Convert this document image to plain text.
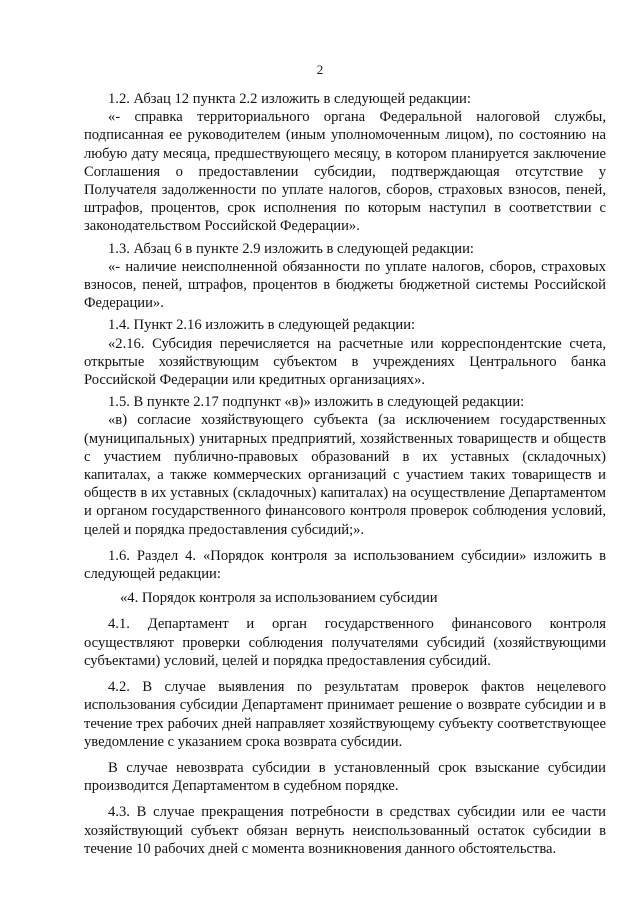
2

1.2. Абзац 12 пункта 2.2 изложить в следующей редакции:

«- справка территориального органа Федеральной налоговой службы, подписанная ее руководителем (иным уполномоченным лицом), по состоянию на любую дату месяца, предшествующего месяцу, в котором планируется заключение Соглашения о предоставлении субсидии, подтверждающая отсутствие у Получателя задолженности по уплате налогов, сборов, страховых взносов, пеней, штрафов, процентов, срок исполнения по которым наступил в соответствии с законодательством Российской Федерации».

1.3. Абзац 6 в пункте 2.9 изложить в следующей редакции:

«- наличие неисполненной обязанности по уплате налогов, сборов, страховых взносов, пеней, штрафов, процентов в бюджеты бюджетной системы Российской Федерации».

1.4. Пункт 2.16 изложить в следующей редакции:

«2.16. Субсидия перечисляется на расчетные или корреспондентские счета, открытые хозяйствующим субъектом в учреждениях Центрального банка Российской Федерации или кредитных организациях».

1.5. В пункте 2.17 подпункт «в)» изложить в следующей редакции:

«в) согласие хозяйствующего субъекта (за исключением государственных (муниципальных) унитарных предприятий, хозяйственных товариществ и обществ с участием публично-правовых образований в их уставных (складочных) капиталах, а также коммерческих организаций с участием таких товариществ и обществ в их уставных (складочных) капиталах) на осуществление Департаментом и органом государственного финансового контроля проверок соблюдения условий, целей и порядка предоставления субсидий;».

1.6. Раздел 4. «Порядок контроля за использованием субсидии» изложить в следующей редакции:

«4. Порядок контроля за использованием субсидии

4.1. Департамент и орган государственного финансового контроля осуществляют проверки соблюдения получателями субсидий (хозяйствующими субъектами) условий, целей и порядка предоставления субсидий.

4.2. В случае выявления по результатам проверок фактов нецелевого использования субсидии Департамент принимает решение о возврате субсидии и в течение трех рабочих дней направляет хозяйствующему субъекту соответствующее уведомление с указанием срока возврата субсидии.

В случае невозврата субсидии в установленный срок взыскание субсидии производится Департаментом в судебном порядке.

4.3. В случае прекращения потребности в средствах субсидии или ее части хозяйствующий субъект обязан вернуть неиспользованный остаток субсидии в течение 10 рабочих дней с момента возникновения данного обстоятельства.
